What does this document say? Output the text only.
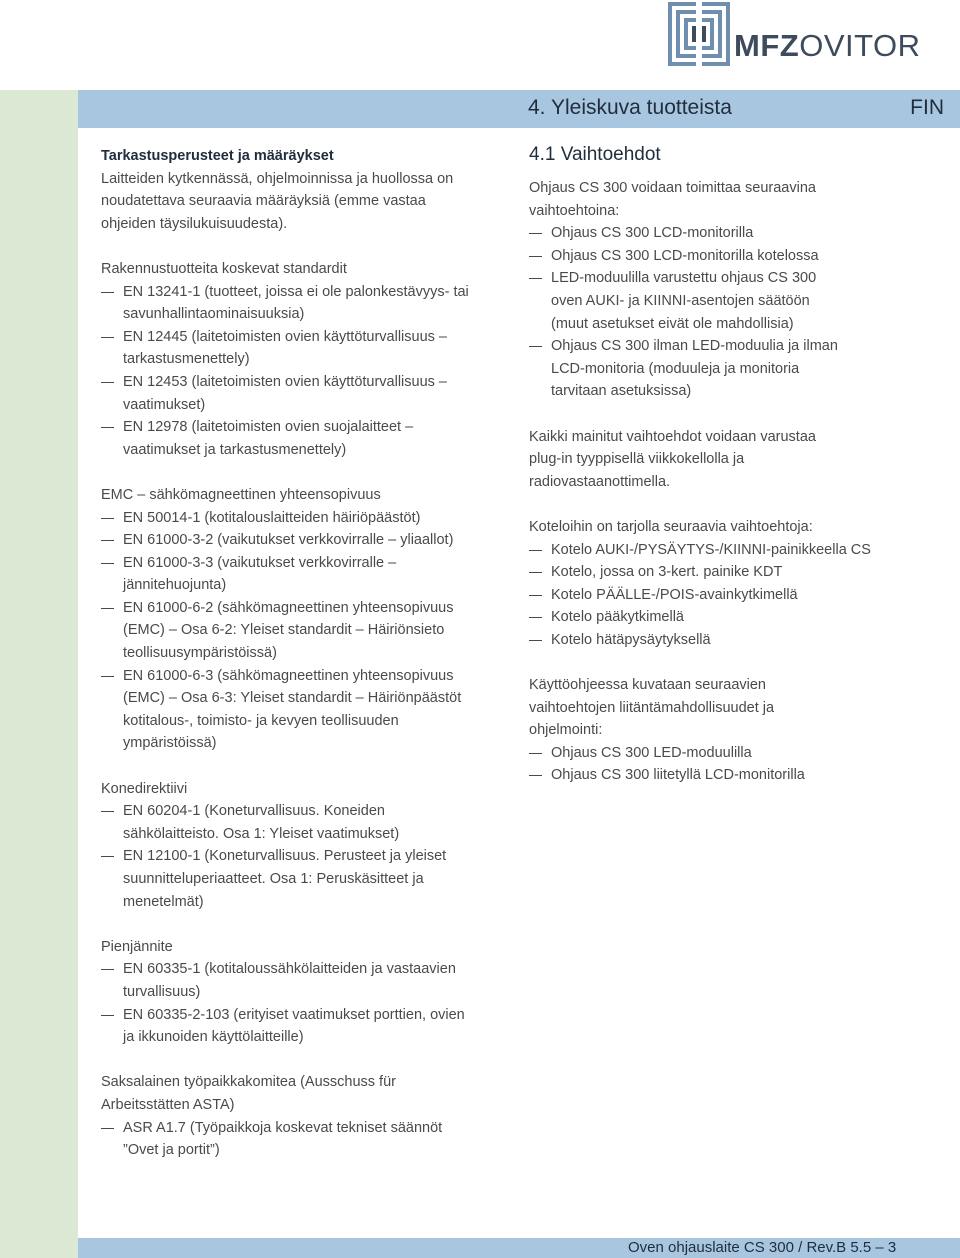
MFZOVITOR
4. Yleiskuva tuotteista	FIN

Tarkastusperusteet ja määräykset

Laitteiden kytkennässä, ohjelmoinnissa ja huollossa on noudatettava seuraavia määräyksiä (emme vastaa ohjeiden täysilukuisuudesta).

Rakennustuotteita koskevat standardit
EN 13241-1 (tuotteet, joissa ei ole palonkestävyys- tai savunhallintaominaisuuksia)
EN 12445 (laitetoimisten ovien käyttöturvallisuus – tarkastusmenettely)
EN 12453 (laitetoimisten ovien käyttöturvallisuus – vaatimukset)
EN 12978 (laitetoimisten ovien suojalaitteet – vaatimukset ja tarkastusmenettely)
EMC – sähkömagneettinen yhteensopivuus
EN 50014-1 (kotitalouslaitteiden häiriöpäästöt)
EN 61000-3-2 (vaikutukset verkkovirralle – yliaallot)
EN 61000-3-3 (vaikutukset verkkovirralle – jännitehuojunta)
EN 61000-6-2 (sähkömagneettinen yhteensopivuus (EMC) – Osa 6-2: Yleiset standardit – Häiriönsieto teollisuusympäristöissä)
EN 61000-6-3 (sähkömagneettinen yhteensopivuus (EMC) – Osa 6-3: Yleiset standardit – Häiriönpäästöt kotitalous-, toimisto- ja kevyen teollisuuden ympäristöissä)
Konedirektiivi
EN 60204-1 (Koneturvallisuus. Koneiden sähkölaitteisto. Osa 1: Yleiset vaatimukset)
EN 12100-1 (Koneturvallisuus. Perusteet ja yleiset suunnitteluperiaatteet. Osa 1: Peruskäsitteet ja menetelmät)
Pienjännite
EN 60335-1 (kotitaloussähkölaitteiden ja vastaavien turvallisuus)
EN 60335-2-103 (erityiset vaatimukset porttien, ovien ja ikkunoiden käyttölaitteille)
Saksalainen työpaikkakomitea (Ausschuss für Arbeitsstätten ASTA)
ASR A1.7 (Työpaikkoja koskevat tekniset säännöt ”Ovet ja portit”)
4.1 Vaihtoehdot
Ohjaus CS 300 voidaan toimittaa seuraavina vaihtoehtoina:
Ohjaus CS 300 LCD-monitorilla
Ohjaus CS 300 LCD-monitorilla kotelossa
LED-moduulilla varustettu ohjaus CS 300 oven AUKI- ja KIINNI-asentojen säätöön (muut asetukset eivät ole mahdollisia)
Ohjaus CS 300 ilman LED-moduulia ja ilman LCD-monitoria (moduuleja ja monitoria tarvitaan asetuksissa)

Kaikki mainitut vaihtoehdot voidaan varustaa plug-in tyyppisellä viikkokellolla ja radiovastaanottimella.

Koteloihin on tarjolla seuraavia vaihtoehtoja:
Kotelo AUKI-/PYSÄYTYS-/KIINNI-painikkeella CS
Kotelo, jossa on 3-kert. painike KDT
Kotelo PÄÄLLE-/POIS-avainkytkimellä
Kotelo pääkytkimellä
Kotelo hätäpysäytyksellä
Käyttöohjeessa kuvataan seuraavien vaihtoehtojen liitäntämahdollisuudet ja ohjelmointi:
Ohjaus CS 300 LED-moduulilla
Ohjaus CS 300 liitetyllä LCD-monitorilla
Oven ohjauslaite CS 300 / Rev.B 5.5 – 3
